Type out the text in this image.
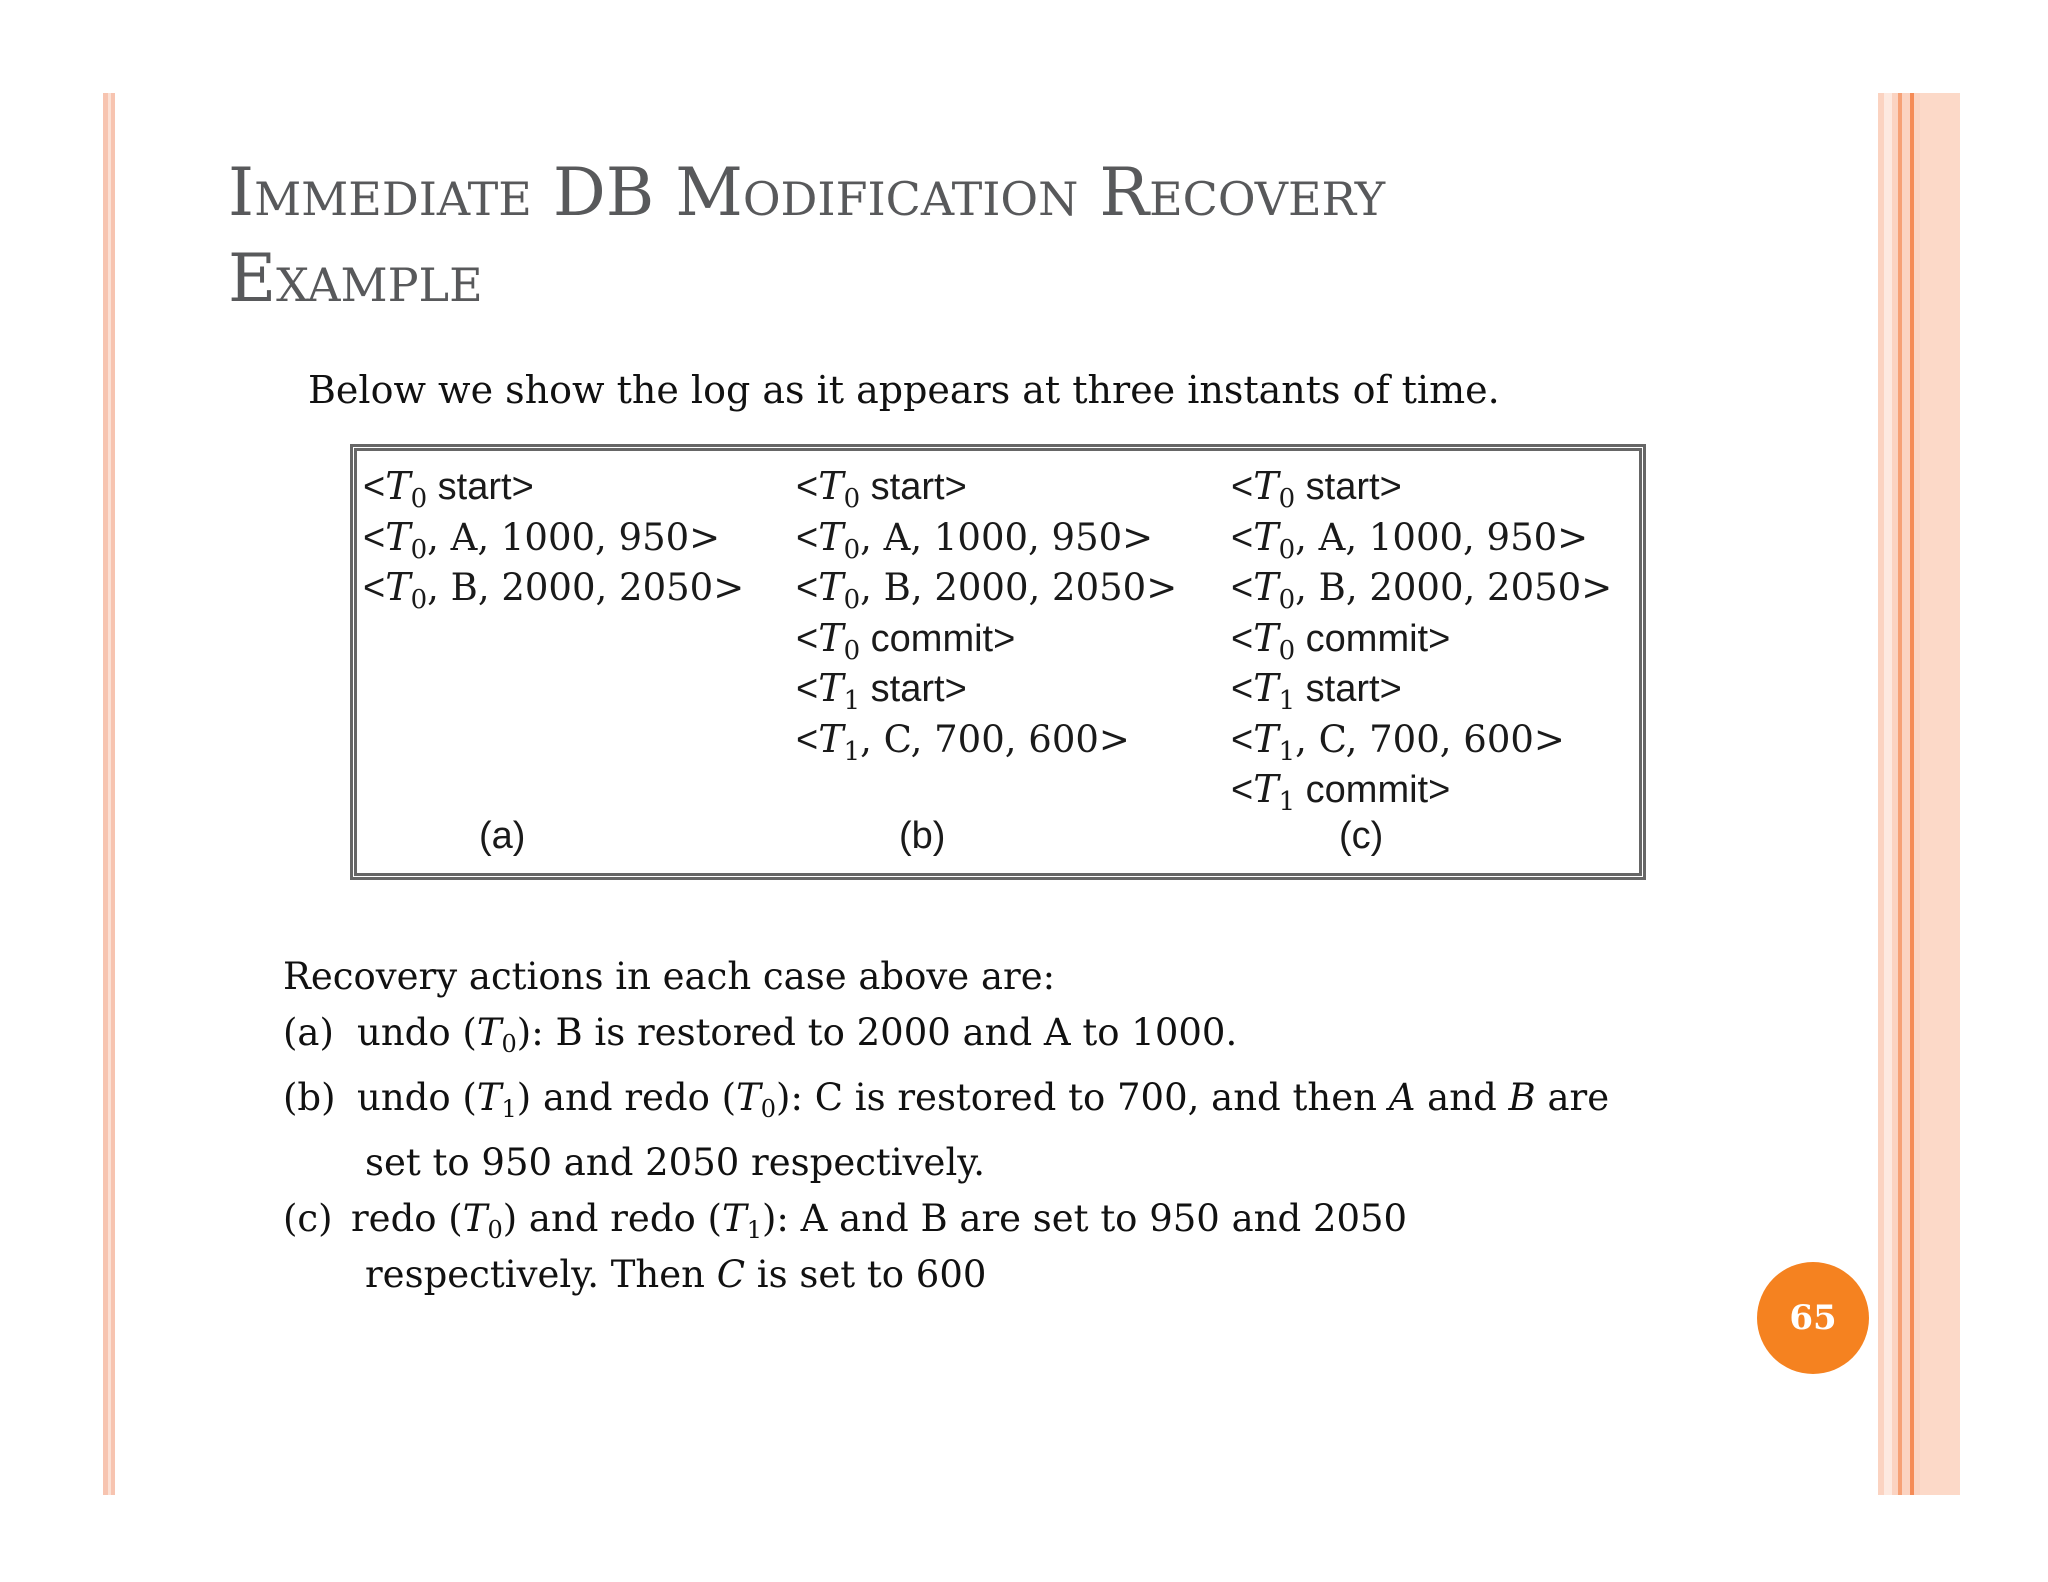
Immediate DB Modification Recovery
Example
Below we show the log as it appears at three instants of time.
$<T_0$ start>
$<T_0$, A, 1000, 950>
$<T_0$, B, 2000, 2050>
$<T_0$ start>
$<T_0$, A, 1000, 950>
$<T_0$, B, 2000, 2050>
$<T_0$ commit>
$<T_1$ start>
$<T_1$, C, 700, 600>
$<T_0$ start>
$<T_0$, A, 1000, 950>
$<T_0$, B, 2000, 2050>
$<T_0$ commit>
$<T_1$ start>
$<T_1$, C, 700, 600>
$<T_1$ commit>
(a)	(b)	(c)
Recovery actions in each case above are:
(a) undo $(T_0)$: B is restored to 2000 and A to 1000.
(b) undo $(T_1)$ and redo $(T_0)$: C is restored to 700, and then A and B are
set to 950 and 2050 respectively.
(c) redo $(T_0)$ and redo $(T_1)$: A and B are set to 950 and 2050
respectively. Then C is set to 600
65
